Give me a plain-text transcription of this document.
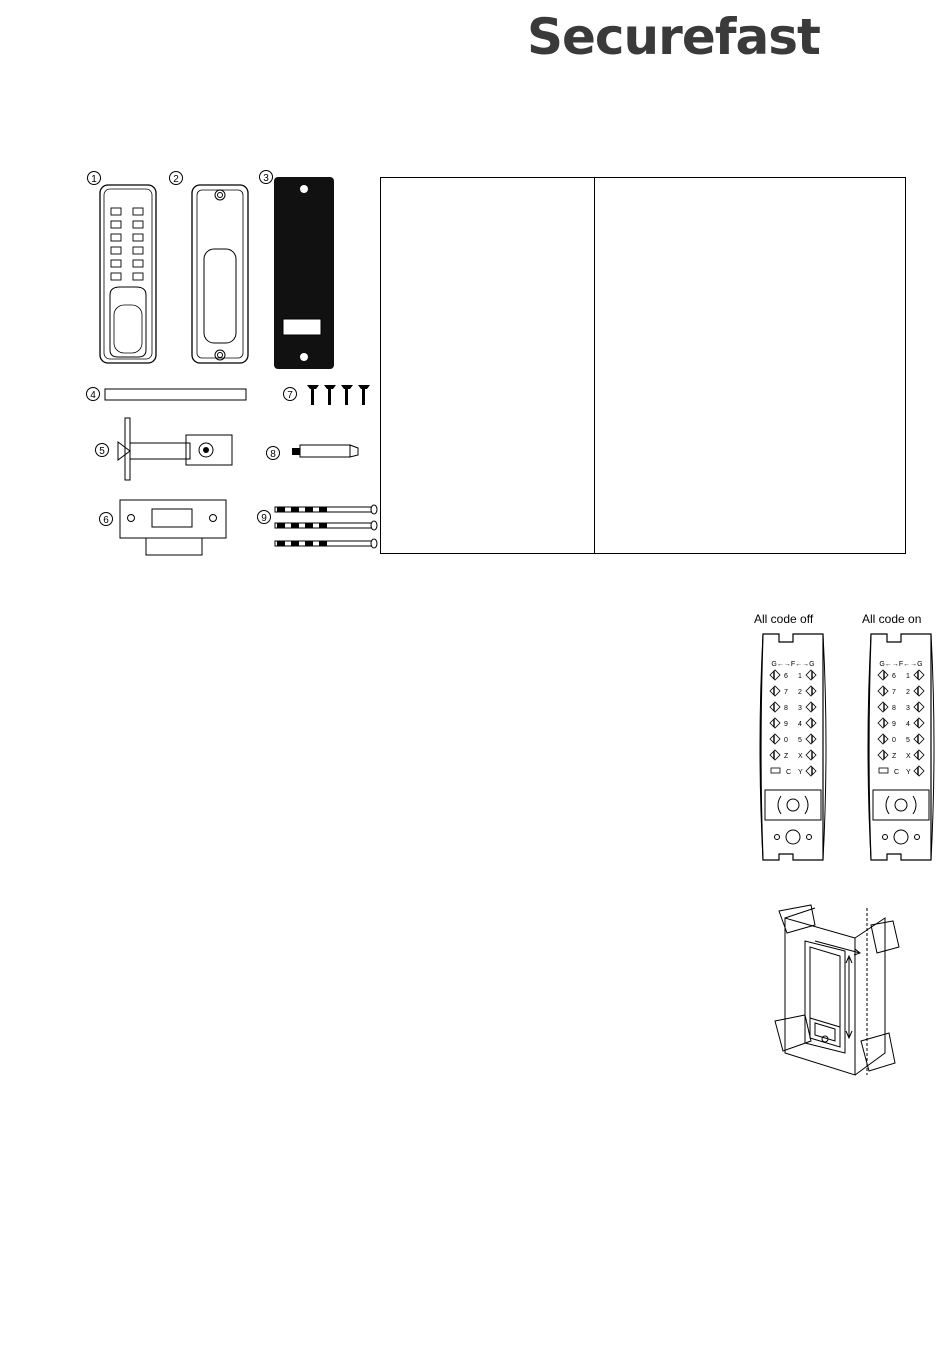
Securefast
1	2	3
4	7
5	8
6	9
All code off	All code on
G←→F←→G
6 1
7 2
8 3
9 4
0 5
Z X
C Y
G←→F←→G
6 1
7 2
8 3
9 4
0 5
Z X
C Y
